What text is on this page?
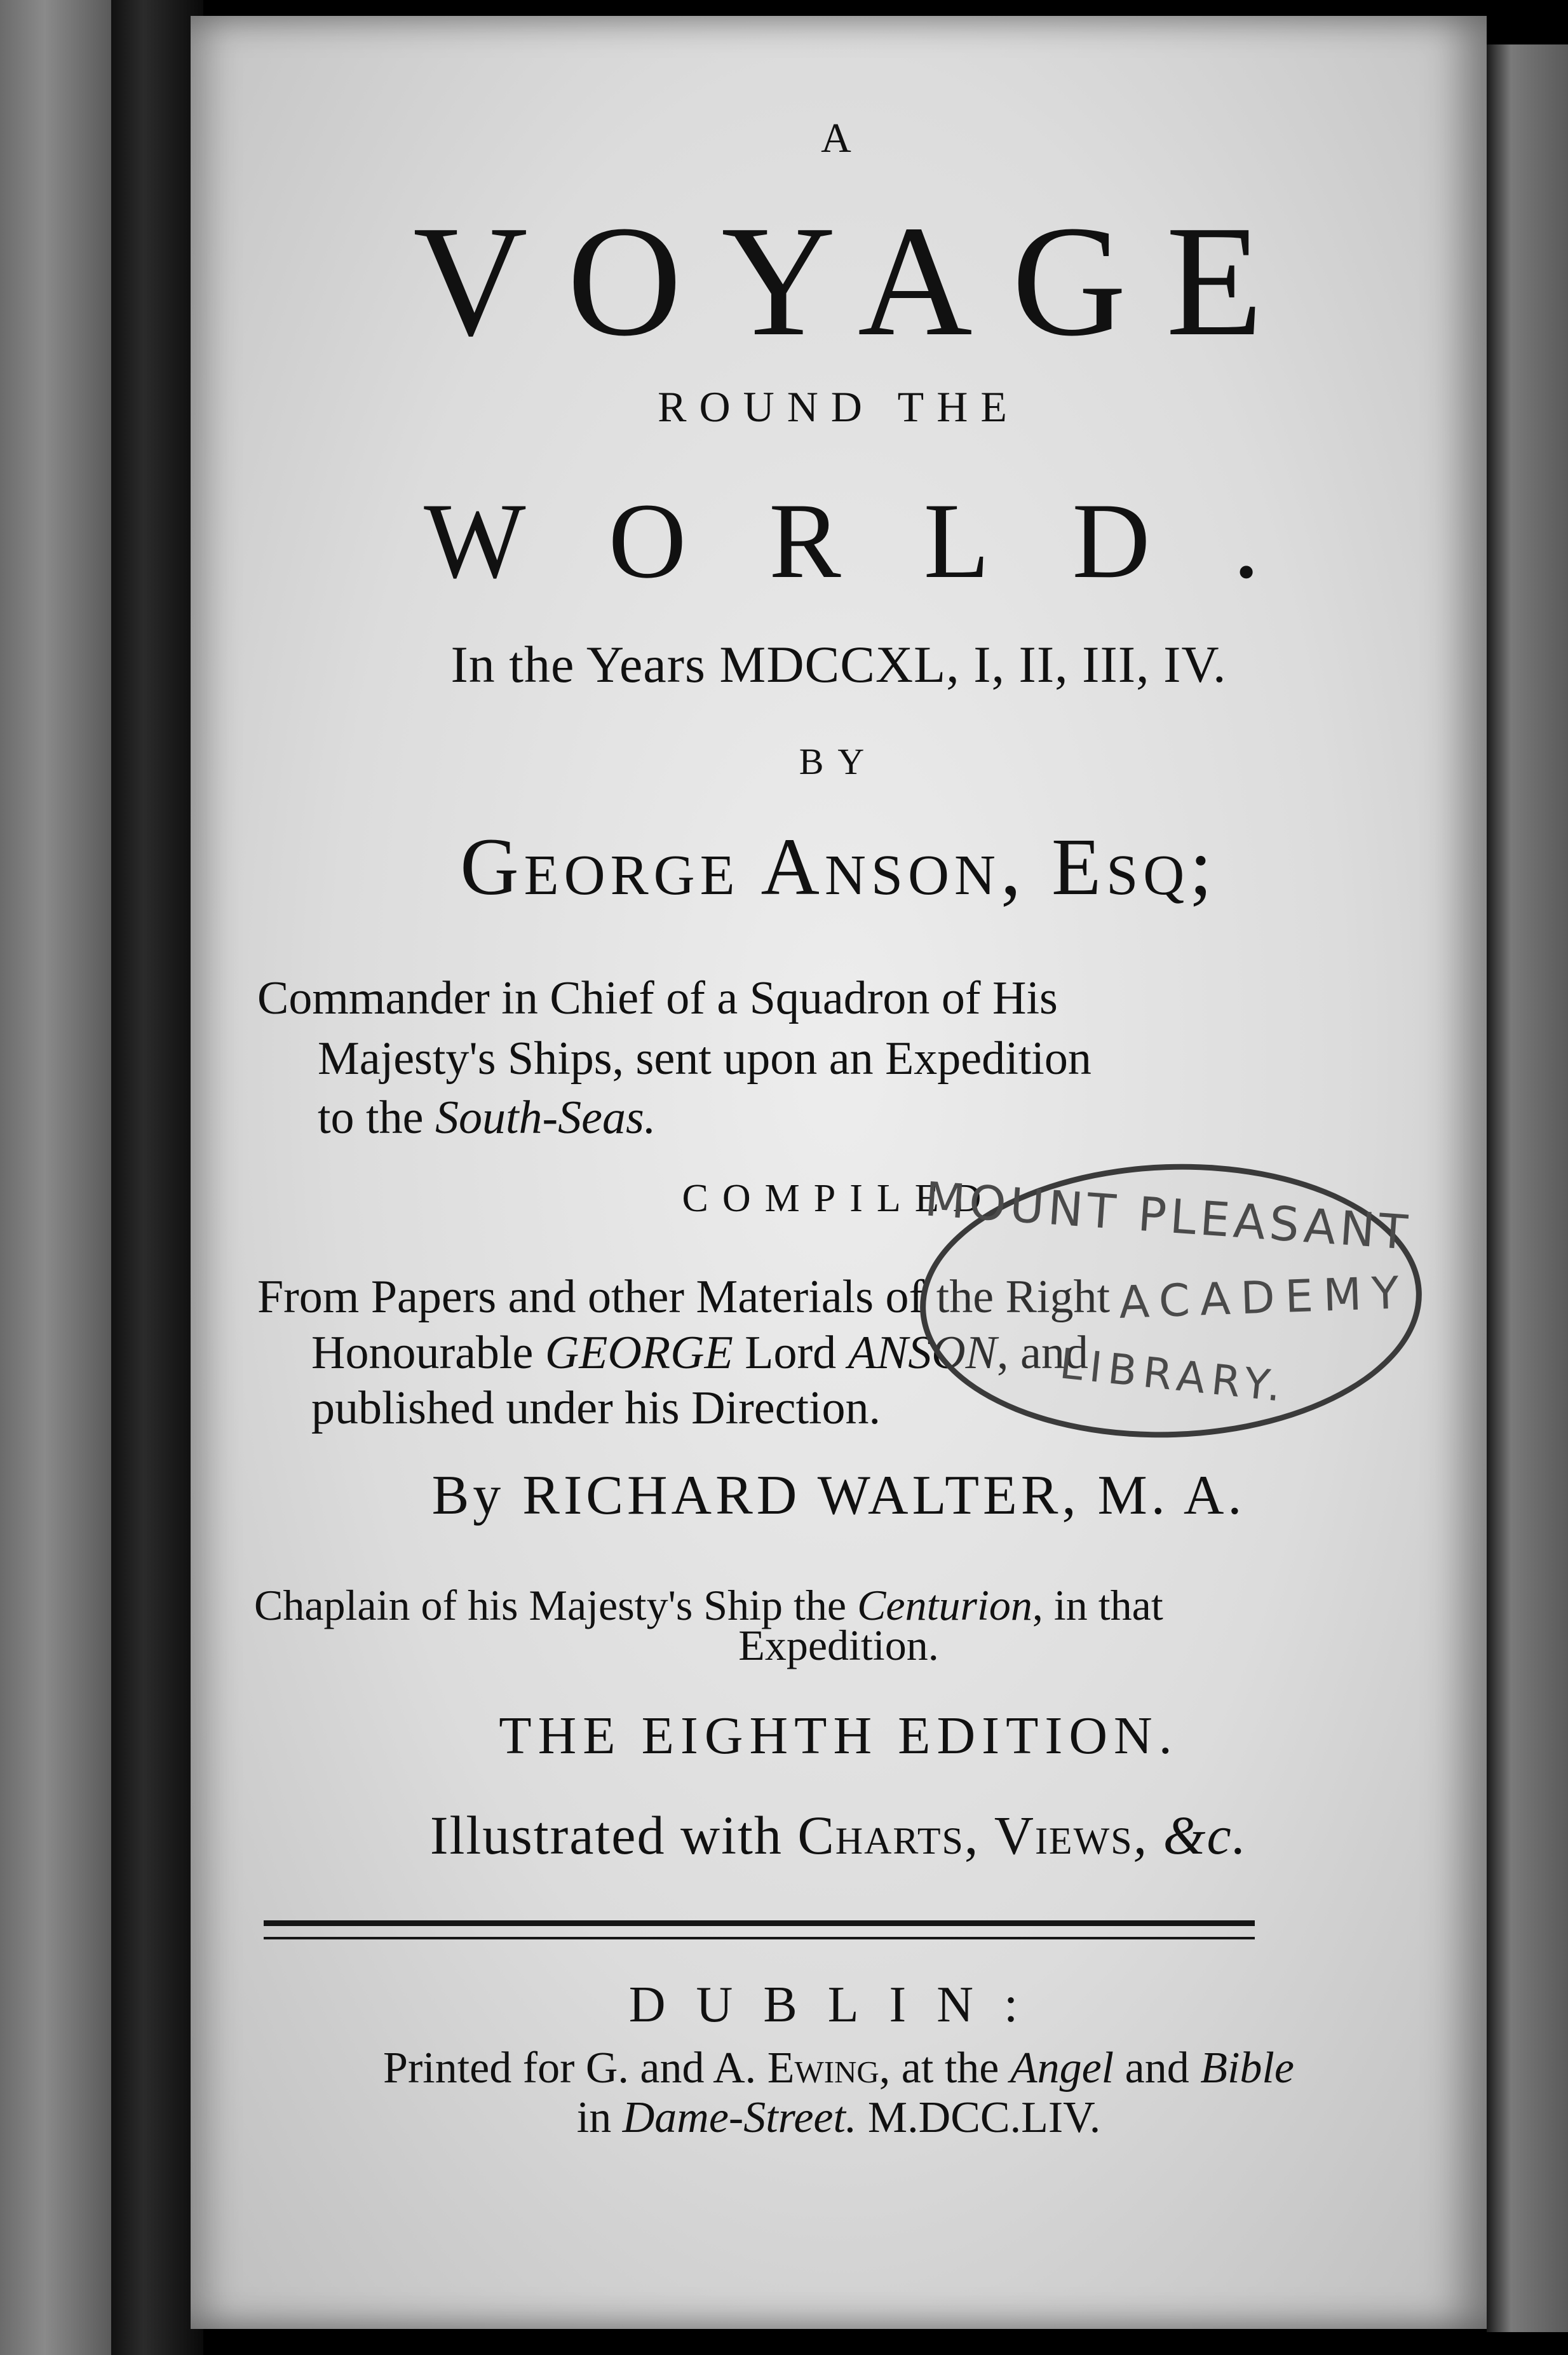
A
VOYAGE
ROUND THE
WORLD.
In the Years MDCCXL, I, II, III, IV.
BY
George Anson, Esq;
Commander in Chief of a Squadron of His
Majesty's Ships, sent upon an Expedition
to the South-Seas.
COMPILED
From Papers and other Materials of the Right
Honourable GEORGE Lord ANSON, and
published under his Direction.
By RICHARD WALTER, M. A.
Chaplain of his Majesty's Ship the Centurion, in that
Expedition.
THE EIGHTH EDITION.
Illustrated with Charts, Views, &c.
DUBLIN:
Printed for G. and A. Ewing, at the Angel and Bible
in Dame-Street. M.DCC.LIV.
MOUNT PLEASANT
ACADEMY
LIBRARY.
